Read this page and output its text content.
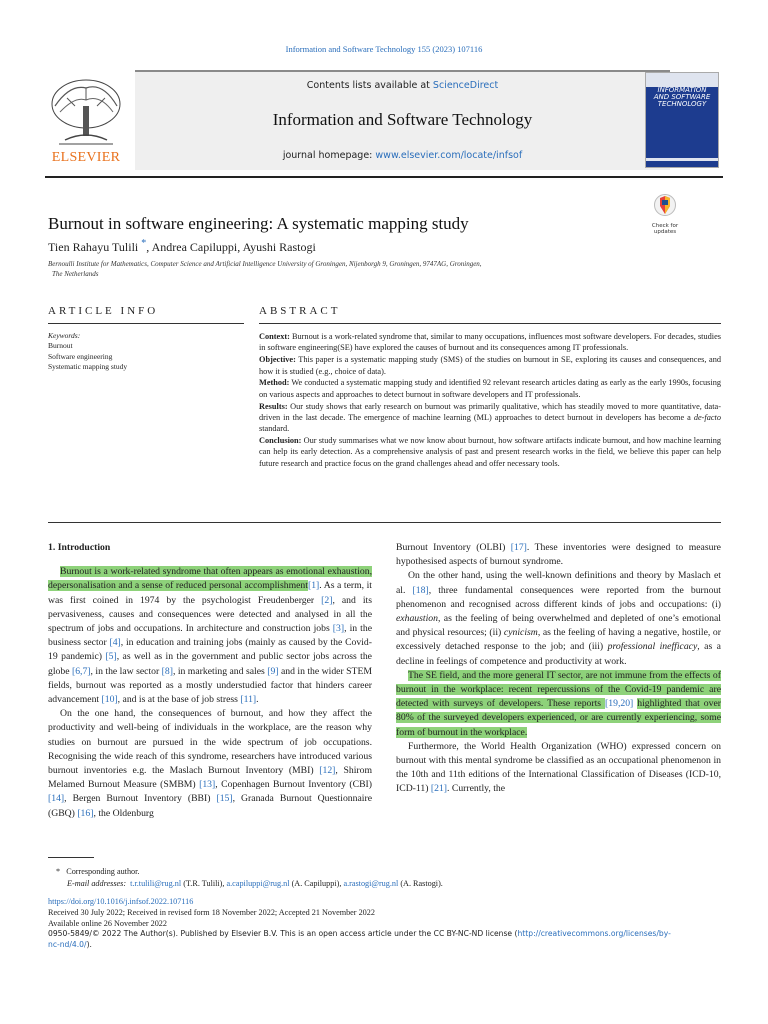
Information and Software Technology 155 (2023) 107116
ELSEVIER
Contents lists available at ScienceDirect
Information and Software Technology
journal homepage: www.elsevier.com/locate/infsof
INFORMATION AND SOFTWARE TECHNOLOGY
Burnout in software engineering: A systematic mapping study
Tien Rahayu Tulili *, Andrea Capiluppi, Ayushi Rastogi
Bernoulli Institute for Mathematics, Computer Science and Artificial Intelligence University of Groningen, Nijenborgh 9, Groningen, 9747AG, Groningen,
The Netherlands
Check for
updates
ARTICLE INFO	ABSTRACT
Keywords:
Burnout
Software engineering
Systematic mapping study

Context: Burnout is a work-related syndrome that, similar to many occupations, influences most software developers. For decades, studies in software engineering(SE) have explored the causes of burnout and its consequences among IT professionals.

Objective: This paper is a systematic mapping study (SMS) of the studies on burnout in SE, exploring its causes and consequences, and how it is studied (e.g., choice of data).

Method: We conducted a systematic mapping study and identified 92 relevant research articles dating as early as the early 1990s, focusing on various aspects and approaches to detect burnout in software developers and IT professionals.

Results: Our study shows that early research on burnout was primarily qualitative, which has steadily moved to more quantitative, data-driven in the last decade. The emergence of machine learning (ML) approaches to detect burnout in developers has become a de-facto standard.

Conclusion: Our study summarises what we now know about burnout, how software artifacts indicate burnout, and how machine learning can help its early detection. As a comprehensive analysis of past and present research works in the field, we believe this paper can help future research and practice focus on the grand challenges ahead and offer necessary tools.

1. Introduction

Burnout is a work-related syndrome that often appears as emotional exhaustion, depersonalisation and a sense of reduced personal accomplishment[1]. As a term, it was first coined in 1974 by the psychologist Freudenberger [2], and its pervasiveness, causes and consequences were detected and analysed in all the spectrum of jobs and occupations. In architecture and construction jobs [3], in the business sector [4], in education and training jobs (mainly as caused by the Covid-19 pandemic) [5], as well as in the government and public sector jobs across the globe [6,7], in the law sector [8], in marketing and sales [9] and in the wider STEM fields, burnout was reported as a mostly understudied factor that hinders career advancement [10], and is at the base of job stress [11].

On the one hand, the consequences of burnout, and how they affect the productivity and well-being of individuals in the workplace, are the reason why studies on burnout are pursued in the wide spectrum of job occupations. Recognising the wide reach of this syndrome, researchers have introduced various burnout inventories e.g. the Maslach Burnout Inventory (MBI) [12], Shirom Melamed Burnout Measure (SMBM) [13], Copenhagen Burnout Inventory (CBI) [14], Bergen Burnout Inventory (BBI) [15], Granada Burnout Questionnaire (GBQ) [16], the Oldenburg

Burnout Inventory (OLBI) [17]. These inventories were designed to measure hypothesised aspects of burnout syndrome.

On the other hand, using the well-known definitions and theory by Maslach et al. [18], three fundamental consequences were reported from the burnout phenomenon and recognised across different kinds of jobs and occupations: (i) exhaustion, as the feeling of being overwhelmed and depleted of one’s emotional and physical resources; (ii) cynicism, as the feeling of having a negative, hostile, or excessively detached response to the job; and (iii) professional inefficacy, as a decline in feelings of competence and productivity at work.

The SE field, and the more general IT sector, are not immune from the effects of burnout in the workplace: recent repercussions of the Covid-19 pandemic are detected with surveys of developers. These reports [19,20] highlighted that over 80% of the surveyed developers experienced, or are currently experiencing, some form of burnout in the workplace.

Furthermore, the World Health Organization (WHO) expressed concern on burnout with this mental syndrome be classified as an occupational phenomenon in the 10th and 11th editions of the International Classification of Diseases (ICD-10, ICD-11) [21]. Currently, the

* Corresponding author.
E-mail addresses: t.r.tulili@rug.nl (T.R. Tulili), a.capiluppi@rug.nl (A. Capiluppi), a.rastogi@rug.nl (A. Rastogi).
https://doi.org/10.1016/j.infsof.2022.107116
Received 30 July 2022; Received in revised form 18 November 2022; Accepted 21 November 2022
Available online 26 November 2022
0950-5849/© 2022 The Author(s). Published by Elsevier B.V. This is an open access article under the CC BY-NC-ND license (http://creativecommons.org/licenses/by-
nc-nd/4.0/).
